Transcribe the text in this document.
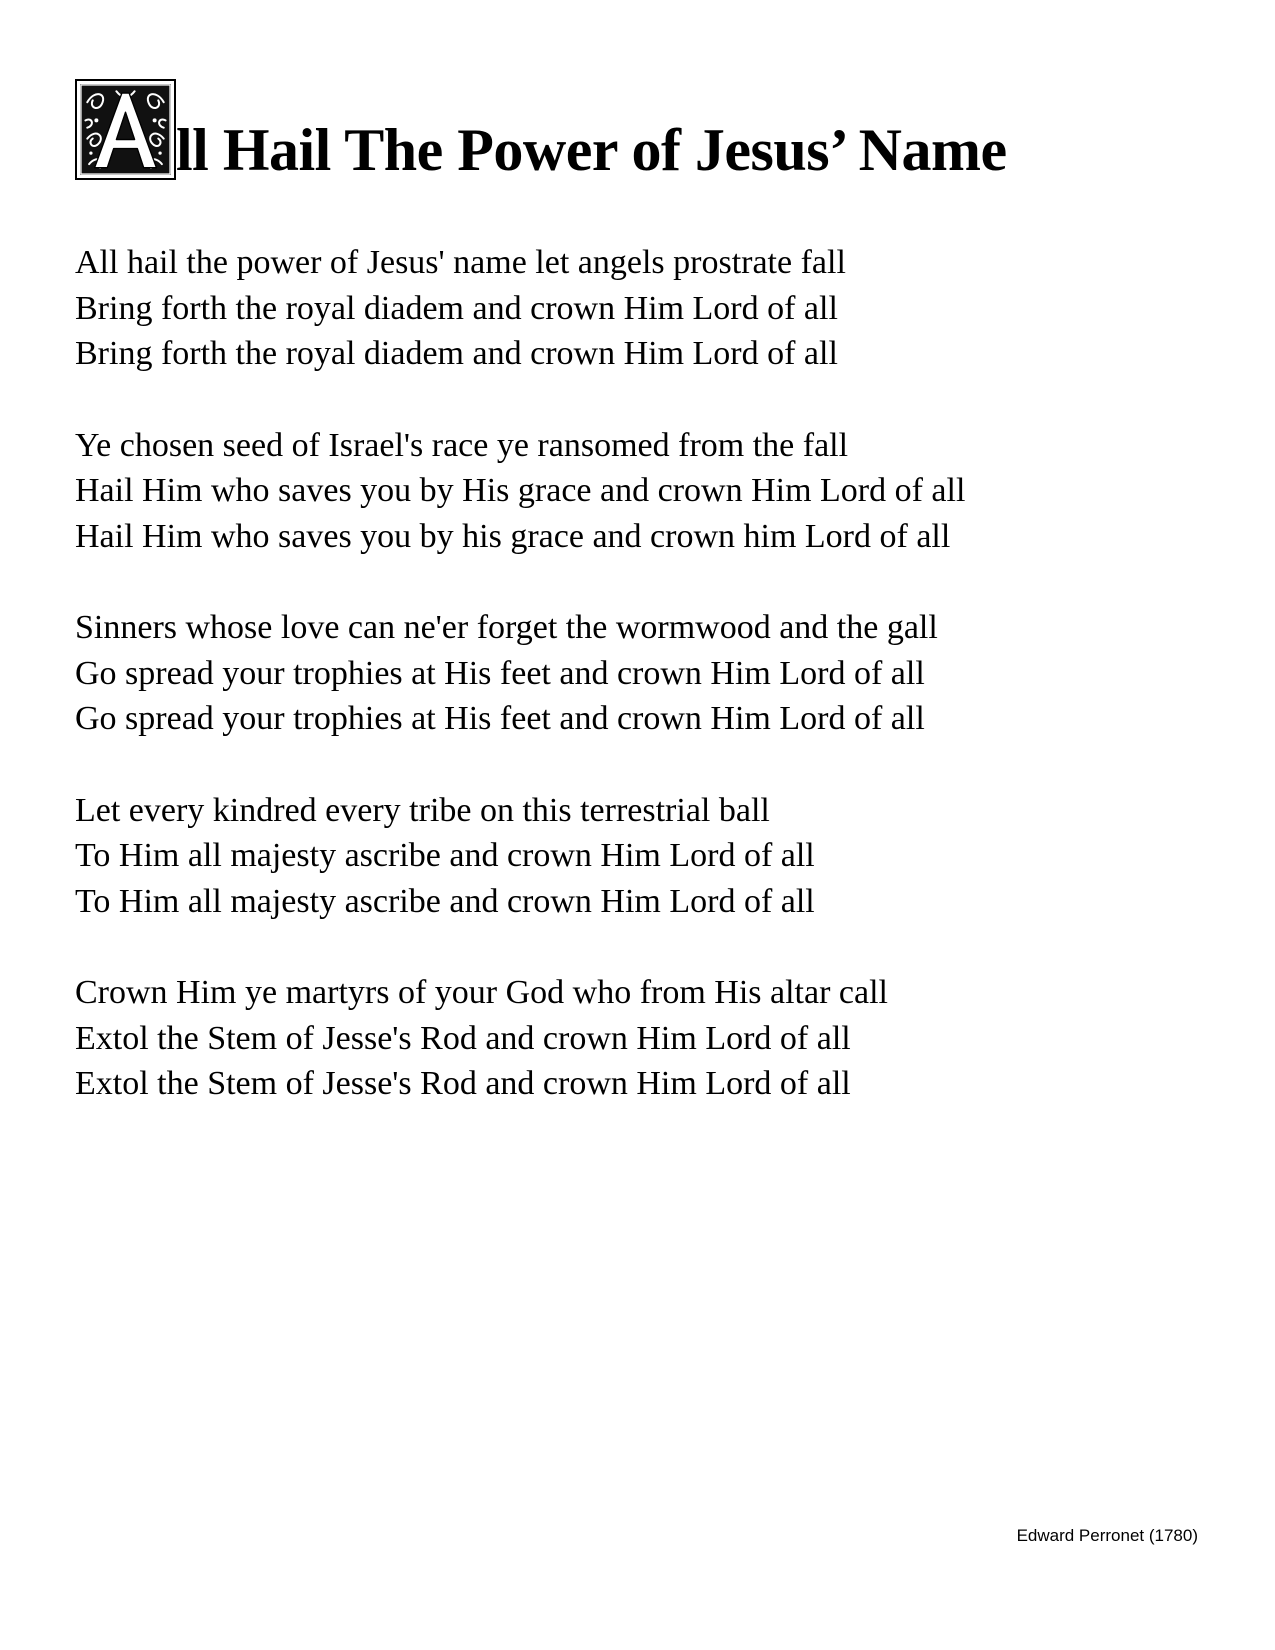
ll Hail The Power of Jesus’ Name
All hail the power of Jesus' name let angels prostrate fall
Bring forth the royal diadem and crown Him Lord of all
Bring forth the royal diadem and crown Him Lord of all
Ye chosen seed of Israel's race ye ransomed from the fall
Hail Him who saves you by His grace and crown Him Lord of all
Hail Him who saves you by his grace and crown him Lord of all
Sinners whose love can ne'er forget the wormwood and the gall
Go spread your trophies at His feet and crown Him Lord of all
Go spread your trophies at His feet and crown Him Lord of all
Let every kindred every tribe on this terrestrial ball
To Him all majesty ascribe and crown Him Lord of all
To Him all majesty ascribe and crown Him Lord of all
Crown Him ye martyrs of your God who from His altar call
Extol the Stem of Jesse's Rod and crown Him Lord of all
Extol the Stem of Jesse's Rod and crown Him Lord of all
Edward Perronet (1780)
